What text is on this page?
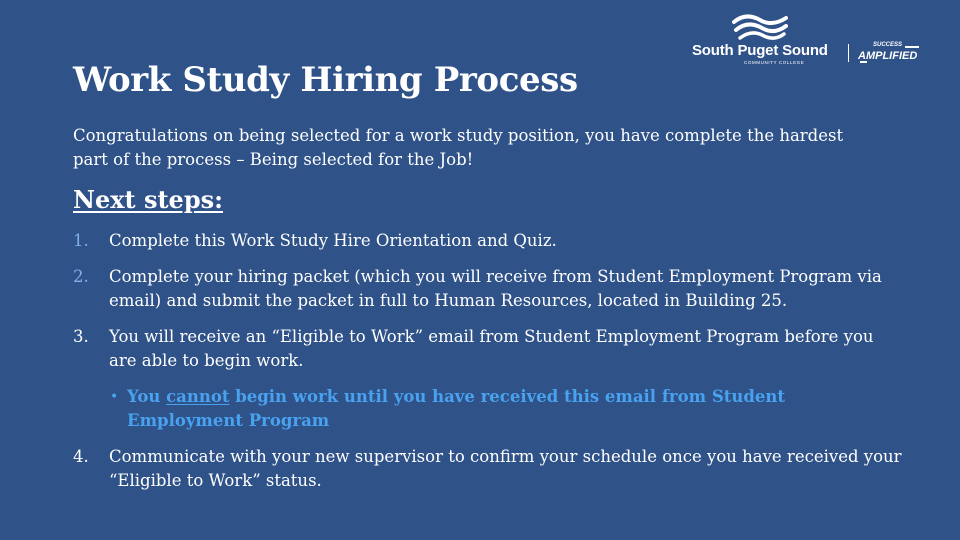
South Puget Sound
COMMUNITY COLLEGE
SUCCESS
AMPLIFIED
Work Study Hiring Process

Congratulations on being selected for a work study position, you have complete the hardest part of the process – Being selected for the Job!

Next steps:
1. Complete this Work Study Hire Orientation and Quiz.
2. Complete your hiring packet (which you will receive from Student Employment Program via email) and submit the packet in full to Human Resources, located in Building 25.
3. You will receive an “Eligible to Work” email from Student Employment Program before you are able to begin work.
• You cannot begin work until you have received this email from Student Employment Program
4. Communicate with your new supervisor to confirm your schedule once you have received your “Eligible to Work” status.
